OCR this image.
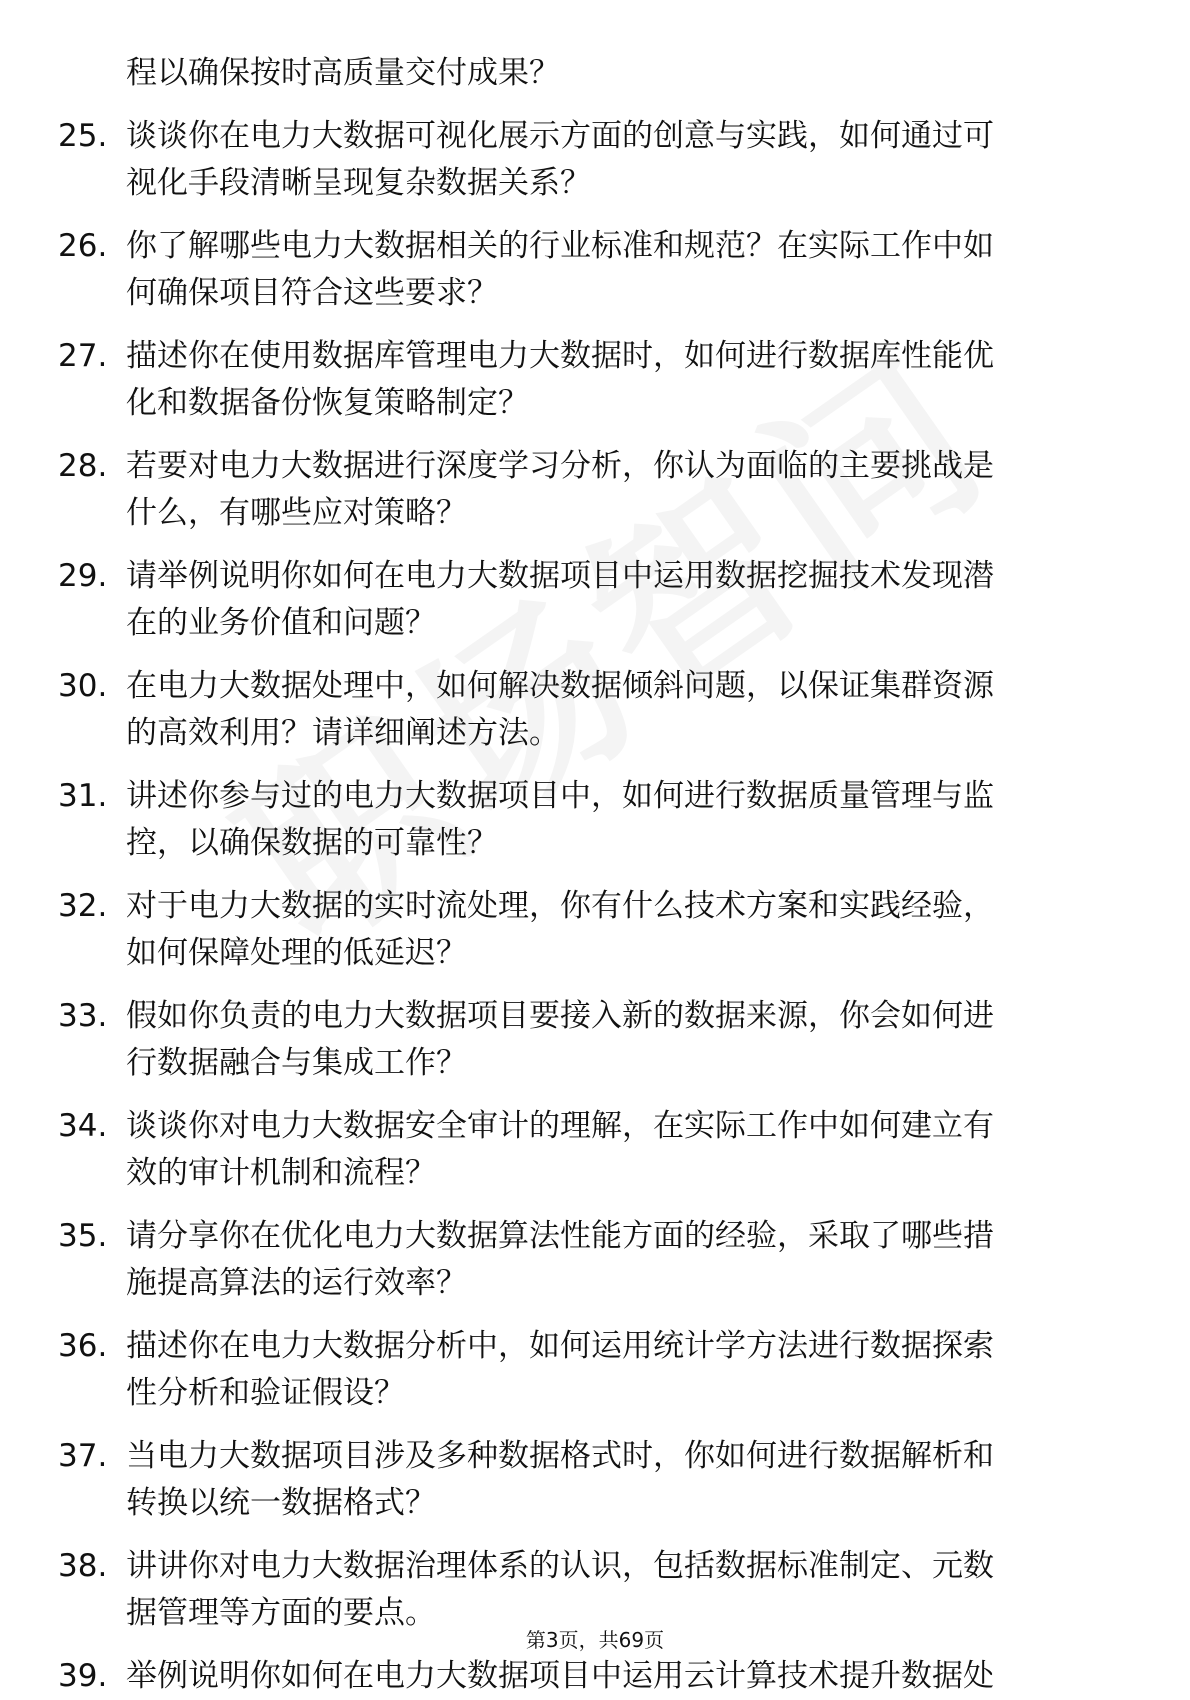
程以确保按时高质量交付成果？
25. 谈谈你在电力大数据可视化展示方面的创意与实践，如何通过可
视化手段清晰呈现复杂数据关系？
26. 你了解哪些电力大数据相关的行业标准和规范？在实际工作中如
何确保项目符合这些要求？
27. 描述你在使用数据库管理电力大数据时，如何进行数据库性能优
化和数据备份恢复策略制定？
28. 若要对电力大数据进行深度学习分析，你认为面临的主要挑战是
什么，有哪些应对策略？
29. 请举例说明你如何在电力大数据项目中运用数据挖掘技术发现潜
在的业务价值和问题？
30. 在电力大数据处理中，如何解决数据倾斜问题，以保证集群资源
的高效利用？请详细阐述方法。
31. 讲述你参与过的电力大数据项目中，如何进行数据质量管理与监
控，以确保数据的可靠性？
32. 对于电力大数据的实时流处理，你有什么技术方案和实践经验，
如何保障处理的低延迟？
33. 假如你负责的电力大数据项目要接入新的数据来源，你会如何进
行数据融合与集成工作？
34. 谈谈你对电力大数据安全审计的理解，在实际工作中如何建立有
效的审计机制和流程？
35. 请分享你在优化电力大数据算法性能方面的经验，采取了哪些措
施提高算法的运行效率？
36. 描述你在电力大数据分析中，如何运用统计学方法进行数据探索
性分析和验证假设？
37. 当电力大数据项目涉及多种数据格式时，你如何进行数据解析和
转换以统一数据格式？
38. 讲讲你对电力大数据治理体系的认识，包括数据标准制定、元数
据管理等方面的要点。
39. 举例说明你如何在电力大数据项目中运用云计算技术提升数据处
第3页，共69页
